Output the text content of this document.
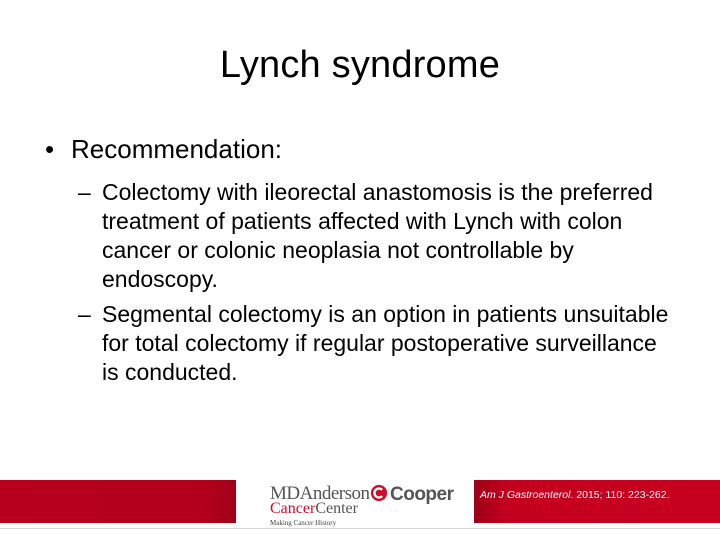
Lynch syndrome
• Recommendation:
– Colectomy with ileorectal anastomosis is the preferred treatment of patients affected with Lynch with colon cancer or colonic neoplasia not controllable by endoscopy.
– Segmental colectomy is an option in patients unsuitable for total colectomy if regular postoperative surveillance is conducted.
MDAnderson
CancerCenter
Making Cancer History
Cooper	Am J Gastroenterol. 2015; 110: 223-262.
